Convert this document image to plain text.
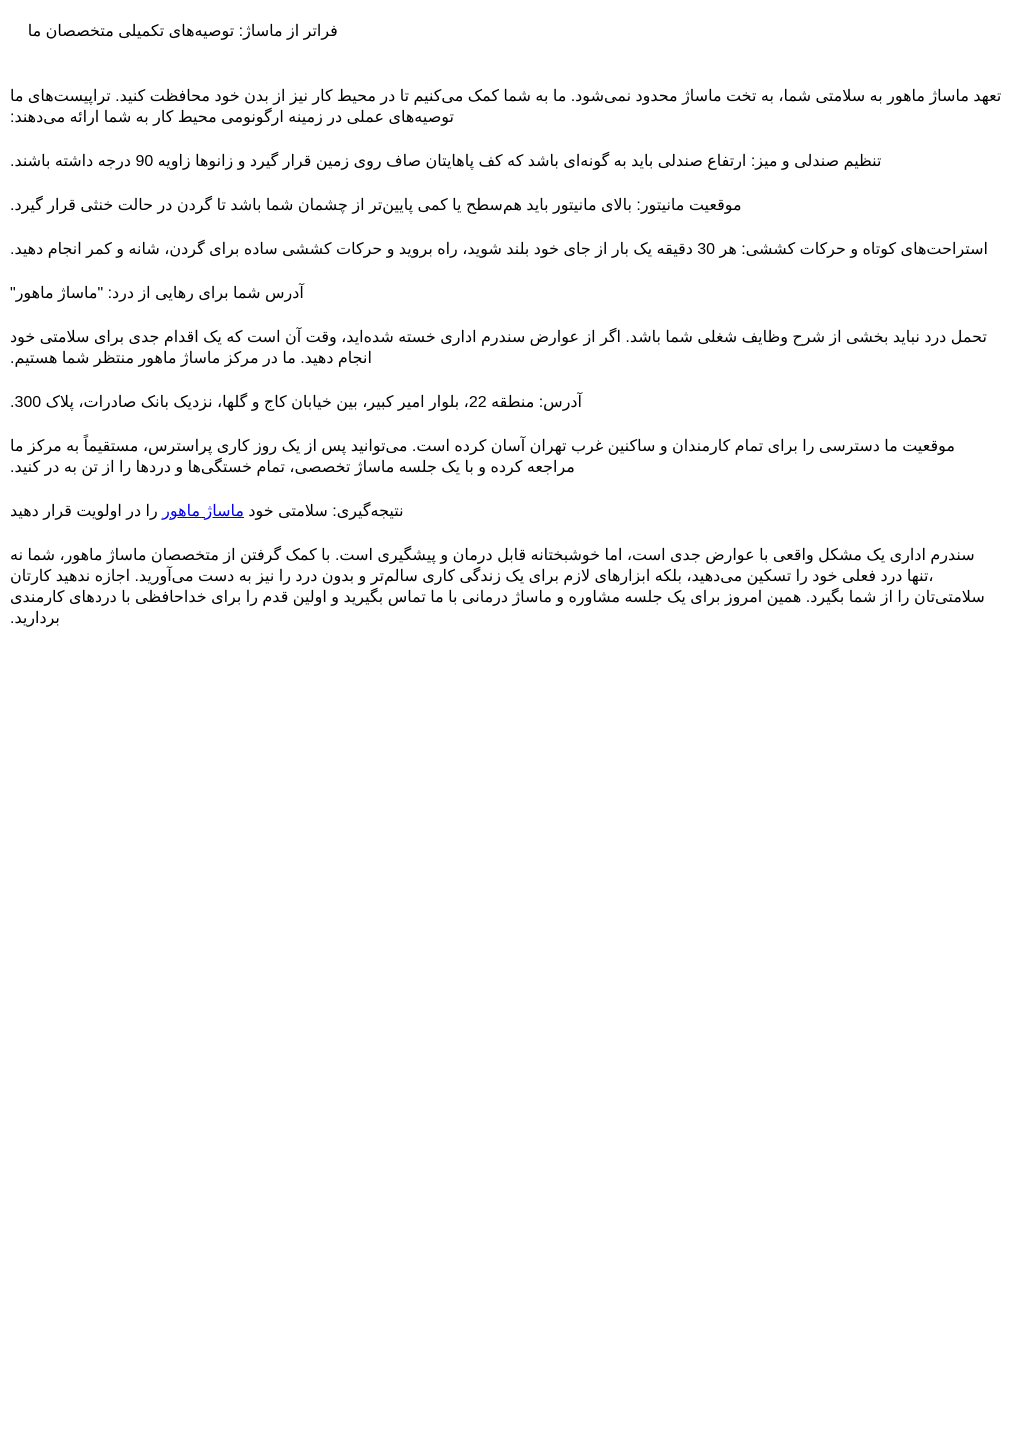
فراتر از ماساژ: توصیه‌های تکمیلی متخصصان ما

تعهد ماساژ ماهور به سلامتی شما، به تخت ماساژ محدود نمی‌شود. ما به شما کمک می‌کنیم تا در محیط کار نیز از بدن خود محافظت کنید. تراپیست‌های ما

:توصیه‌های عملی در زمینه ارگونومی محیط کار به شما ارائه می‌دهند

.تنظیم صندلی و میز: ارتفاع صندلی باید به گونه‌ای باشد که کف پاهایتان صاف روی زمین قرار گیرد و زانوها زاویه 90 درجه داشته باشند

.موقعیت مانیتور: بالای مانیتور باید هم‌سطح یا کمی پایین‌تر از چشمان شما باشد تا گردن در حالت خنثی قرار گیرد

.استراحت‌های کوتاه و حرکات کششی: هر 30 دقیقه یک بار از جای خود بلند شوید، راه بروید و حرکات کششی ساده برای گردن، شانه و کمر انجام دهید

"آدرس شما برای رهایی از درد: "ماساژ ماهور

تحمل درد نباید بخشی از شرح وظایف شغلی شما باشد. اگر از عوارض سندرم اداری خسته شده‌اید، وقت آن است که یک اقدام جدی برای سلامتی خود

.انجام دهید. ما در مرکز ماساژ ماهور منتظر شما هستیم

.آدرس: منطقه 22، بلوار امیر کبیر، بین خیابان کاج و گلها، نزدیک بانک صادرات، پلاک 300

موقعیت ما دسترسی را برای تمام کارمندان و ساکنین غرب تهران آسان کرده است. می‌توانید پس از یک روز کاری پراسترس، مستقیماً به مرکز ما

.مراجعه کرده و با یک جلسه ماساژ تخصصی، تمام خستگی‌ها و دردها را از تن به در کنید

نتیجه‌گیری: سلامتی خود ماساژ ماهور را در اولویت قرار دهید

سندرم اداری یک مشکل واقعی با عوارض جدی است، اما خوشبختانه قابل درمان و پیشگیری است. با کمک گرفتن از متخصصان ماساژ ماهور، شما نه

تنها درد فعلی خود را تسکین می‌دهید، بلکه ابزارهای لازم برای یک زندگی کاری سالم‌تر و بدون درد را نیز به دست می‌آورید. اجازه ندهید کارتان،

سلامتی‌تان را از شما بگیرد. همین امروز برای یک جلسه مشاوره و ماساژ درمانی با ما تماس بگیرید و اولین قدم را برای خداحافظی با دردهای کارمندی

.بردارید
